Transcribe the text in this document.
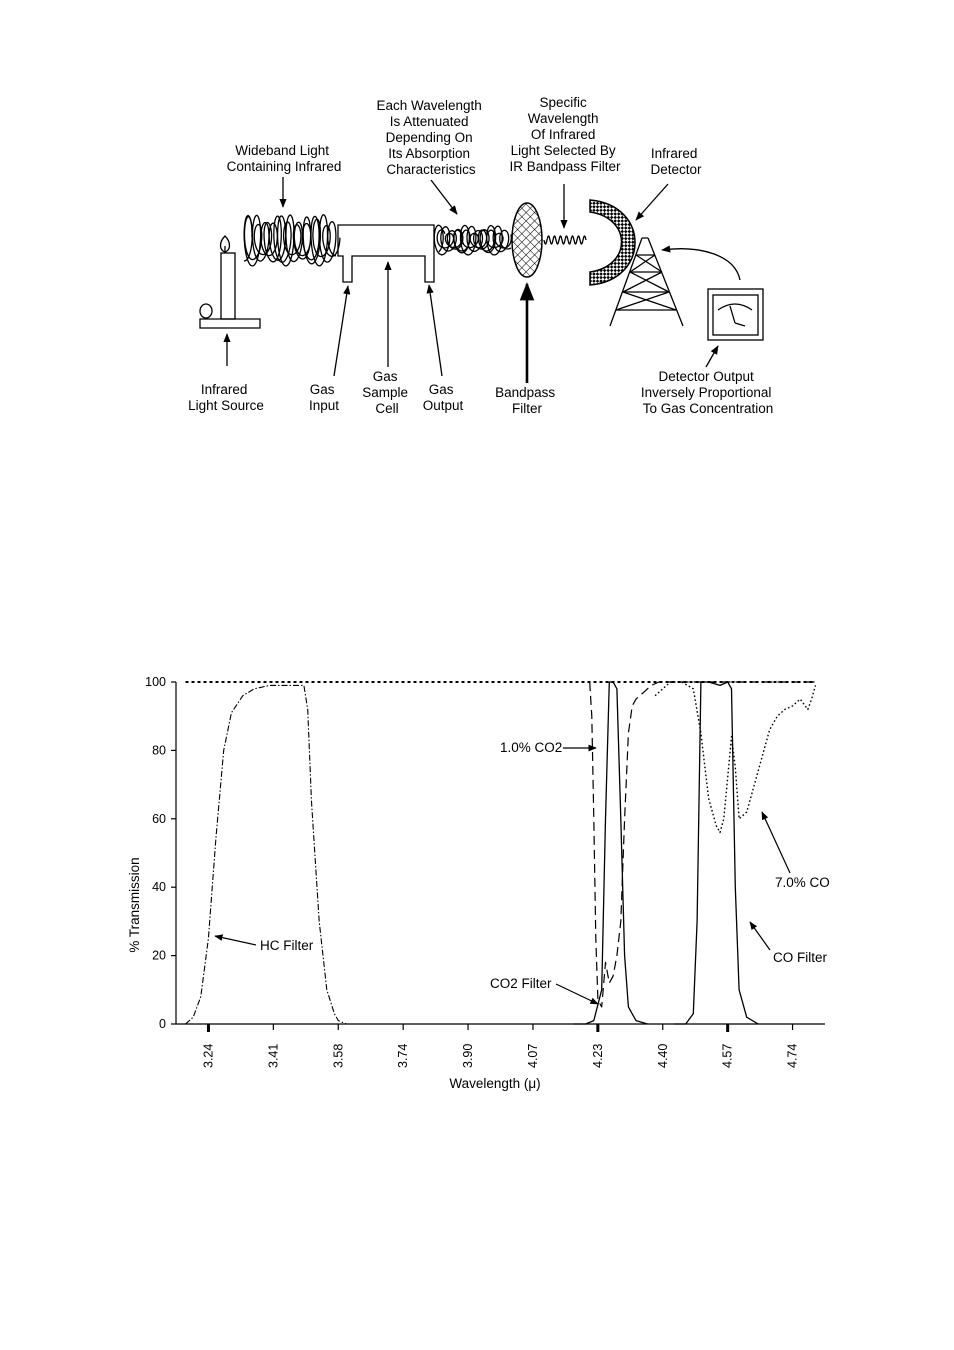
Wideband Light Containing Infrared
Each Wavelength Is Attenuated Depending On Its Absorption Characteristics
Specific Wavelength Of Infrared Light Selected By IR Bandpass Filter
Infrared Detector
Infrared Light Source
Gas Input
Gas Sample Cell
Gas Output
Bandpass Filter
Detector Output Inversely Proportional To Gas Concentration
0
20
40
60
80
100
3.24	3.41	3.58	3.74	3.90	4.07	4.23	4.40	4.57	4.74
HC Filter
1.0% CO2
CO2 Filter
7.0% CO
CO Filter
% Transmission
Wavelength (μ)
